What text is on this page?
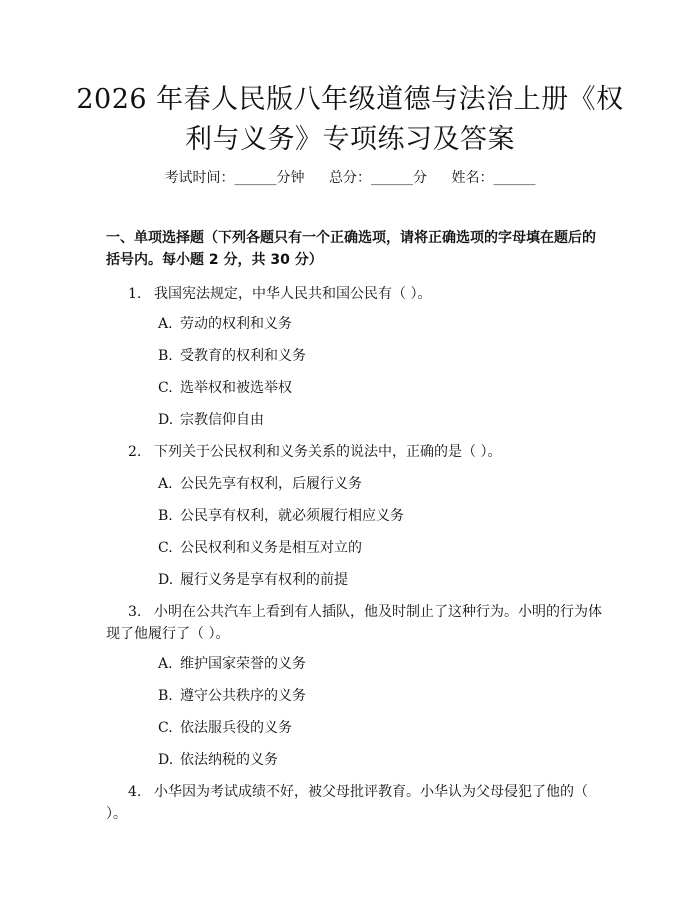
2026 年春人民版八年级道德与法治上册《权
利与义务》专项练习及答案
考试时间：______分钟 总分：______分 姓名：______
一、单项选择题（下列各题只有一个正确选项，请将正确选项的字母填在题后的括号内。每小题 2 分，共 30 分）
1. 我国宪法规定，中华人民共和国公民有（ ）。
A. 劳动的权利和义务
B. 受教育的权利和义务
C. 选举权和被选举权
D. 宗教信仰自由
2. 下列关于公民权利和义务关系的说法中，正确的是（ ）。
A. 公民先享有权利，后履行义务
B. 公民享有权利，就必须履行相应义务
C. 公民权利和义务是相互对立的
D. 履行义务是享有权利的前提
3. 小明在公共汽车上看到有人插队，他及时制止了这种行为。小明的行为体现了他履行了（ ）。
A. 维护国家荣誉的义务
B. 遵守公共秩序的义务
C. 依法服兵役的义务
D. 依法纳税的义务
4. 小华因为考试成绩不好，被父母批评教育。小华认为父母侵犯了他的（ ）。
